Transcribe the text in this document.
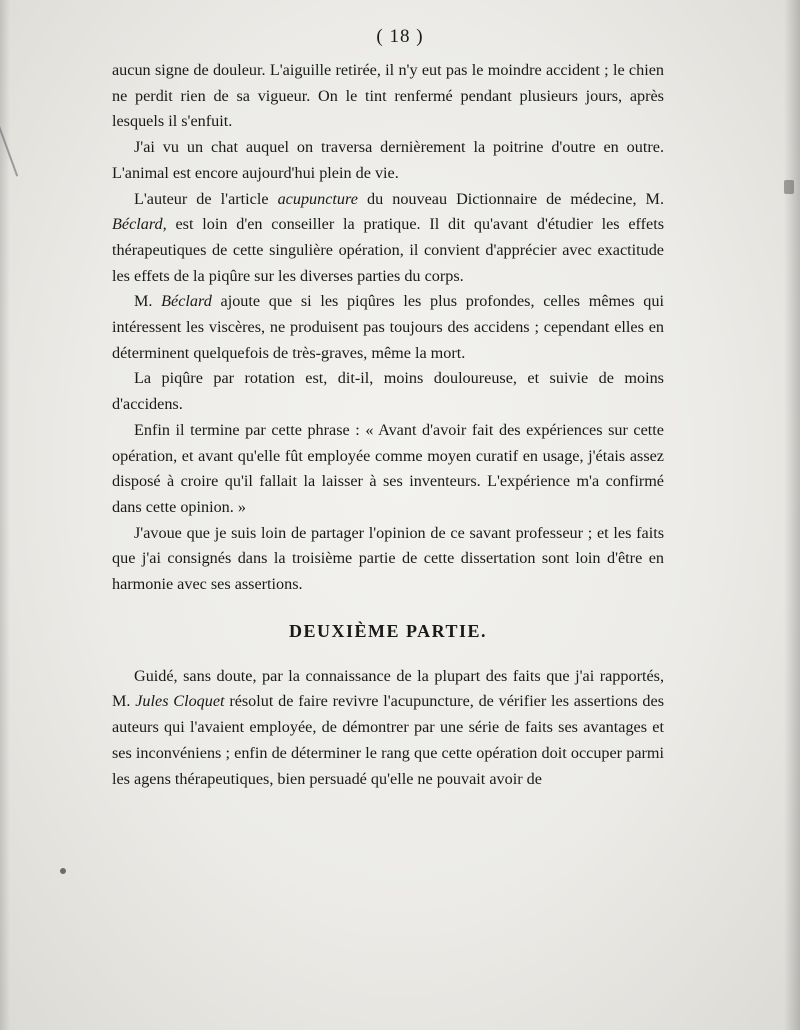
( 18 )

aucun signe de douleur. L'aiguille retirée, il n'y eut pas le moindre accident ; le chien ne perdit rien de sa vigueur. On le tint renfermé pendant plusieurs jours, après lesquels il s'enfuit.

J'ai vu un chat auquel on traversa dernièrement la poitrine d'outre en outre. L'animal est encore aujourd'hui plein de vie.

L'auteur de l'article acupuncture du nouveau Dictionnaire de médecine, M. Béclard, est loin d'en conseiller la pratique. Il dit qu'avant d'étudier les effets thérapeutiques de cette singulière opération, il convient d'apprécier avec exactitude les effets de la piqûre sur les diverses parties du corps.

M. Béclard ajoute que si les piqûres les plus profondes, celles mêmes qui intéressent les viscères, ne produisent pas toujours des accidens ; cependant elles en déterminent quelquefois de très-graves, même la mort.

La piqûre par rotation est, dit-il, moins douloureuse, et suivie de moins d'accidens.

Enfin il termine par cette phrase : « Avant d'avoir fait des expériences sur cette opération, et avant qu'elle fût employée comme moyen curatif en usage, j'étais assez disposé à croire qu'il fallait la laisser à ses inventeurs. L'expérience m'a confirmé dans cette opinion. »

J'avoue que je suis loin de partager l'opinion de ce savant professeur ; et les faits que j'ai consignés dans la troisième partie de cette dissertation sont loin d'être en harmonie avec ses assertions.

DEUXIÈME PARTIE.

Guidé, sans doute, par la connaissance de la plupart des faits que j'ai rapportés, M. Jules Cloquet résolut de faire revivre l'acupuncture, de vérifier les assertions des auteurs qui l'avaient employée, de démontrer par une série de faits ses avantages et ses inconvéniens ; enfin de déterminer le rang que cette opération doit occuper parmi les agens thérapeutiques, bien persuadé qu'elle ne pouvait avoir de
